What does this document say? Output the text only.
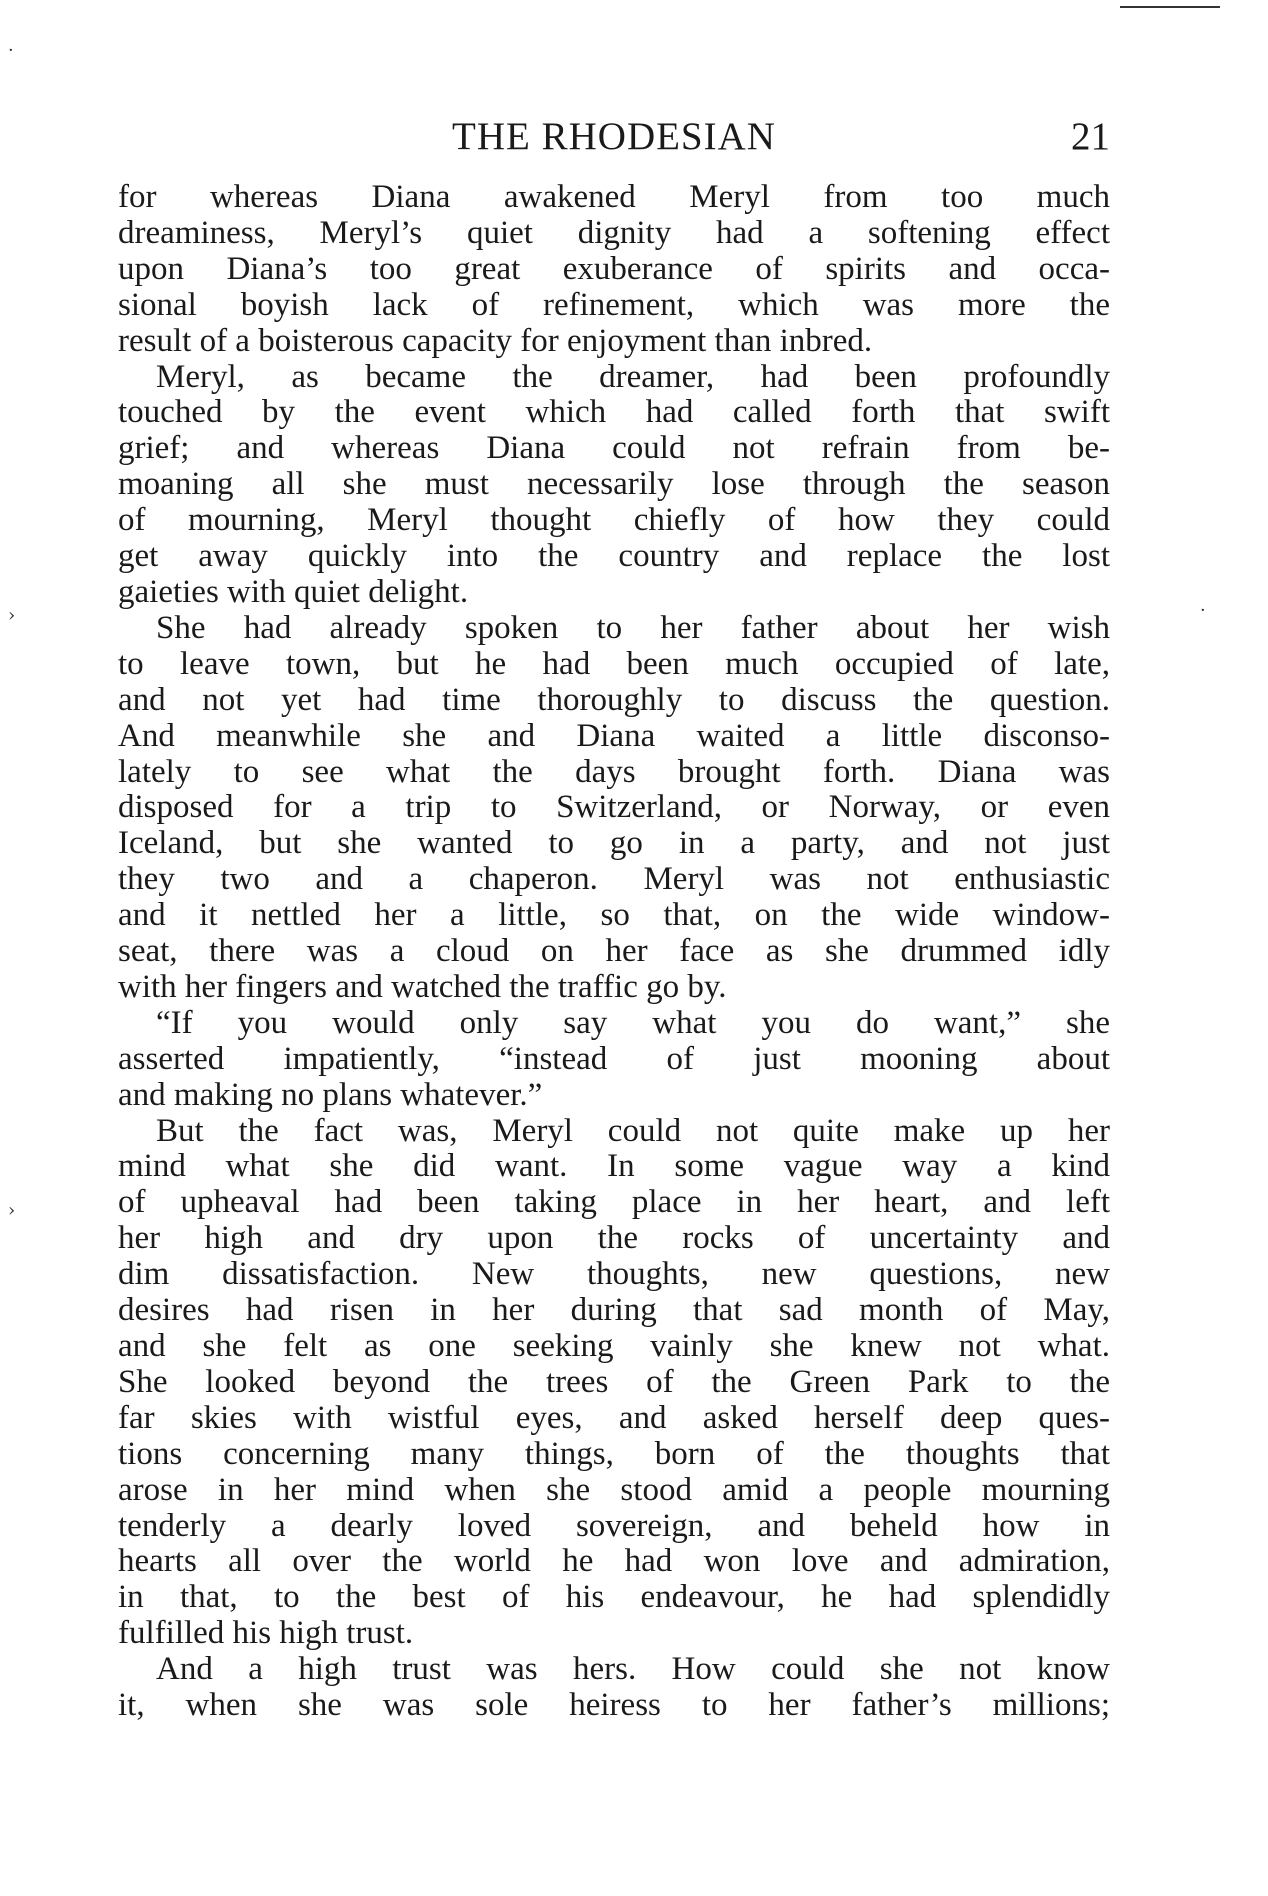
THE RHODESIAN	21
for whereas Diana awakened Meryl from too much
dreaminess, Meryl’s quiet dignity had a softening effect
upon Diana’s too great exuberance of spirits and occa-
sional boyish lack of refinement, which was more the
result of a boisterous capacity for enjoyment than inbred.
Meryl, as became the dreamer, had been profoundly
touched by the event which had called forth that swift
grief; and whereas Diana could not refrain from be-
moaning all she must necessarily lose through the season
of mourning, Meryl thought chiefly of how they could
get away quickly into the country and replace the lost
gaieties with quiet delight.
She had already spoken to her father about her wish
to leave town, but he had been much occupied of late,
and not yet had time thoroughly to discuss the question.
And meanwhile she and Diana waited a little disconso-
lately to see what the days brought forth. Diana was
disposed for a trip to Switzerland, or Norway, or even
Iceland, but she wanted to go in a party, and not just
they two and a chaperon. Meryl was not enthusiastic
and it nettled her a little, so that, on the wide window-
seat, there was a cloud on her face as she drummed idly
with her fingers and watched the traffic go by.
“If you would only say what you do want,” she
asserted impatiently, “instead of just mooning about
and making no plans whatever.”
But the fact was, Meryl could not quite make up her
mind what she did want. In some vague way a kind
of upheaval had been taking place in her heart, and left
her high and dry upon the rocks of uncertainty and
dim dissatisfaction. New thoughts, new questions, new
desires had risen in her during that sad month of May,
and she felt as one seeking vainly she knew not what.
She looked beyond the trees of the Green Park to the
far skies with wistful eyes, and asked herself deep ques-
tions concerning many things, born of the thoughts that
arose in her mind when she stood amid a people mourning
tenderly a dearly loved sovereign, and beheld how in
hearts all over the world he had won love and admiration,
in that, to the best of his endeavour, he had splendidly
fulfilled his high trust.
And a high trust was hers. How could she not know
it, when she was sole heiress to her father’s millions;
·
›
›
·
